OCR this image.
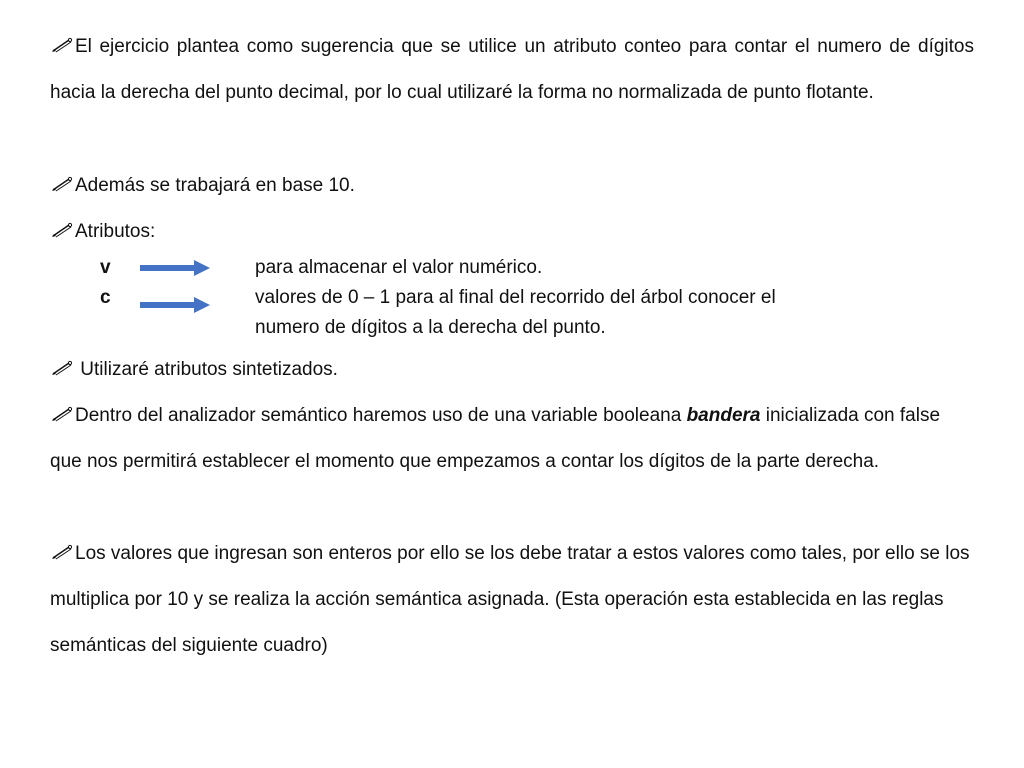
El ejercicio plantea como sugerencia que se utilice un atributo conteo para contar el numero de dígitos hacia la derecha del punto decimal, por lo cual utilizaré la forma no normalizada de punto flotante.

Además se trabajará en base 10.

Atributos:

v	para almacenar el valor numérico.
c	valores de 0 – 1 para al final del recorrido del árbol conocer el
numero de dígitos a la derecha del punto.

Utilizaré atributos sintetizados.

Dentro del analizador semántico haremos uso de una variable booleana bandera inicializada con false que nos permitirá establecer el momento que empezamos a contar los dígitos de la parte derecha.

Los valores que ingresan son enteros por ello se los debe tratar a estos valores como tales, por ello se los multiplica por 10 y se realiza la acción semántica asignada. (Esta operación esta establecida en las reglas semánticas del siguiente cuadro)
